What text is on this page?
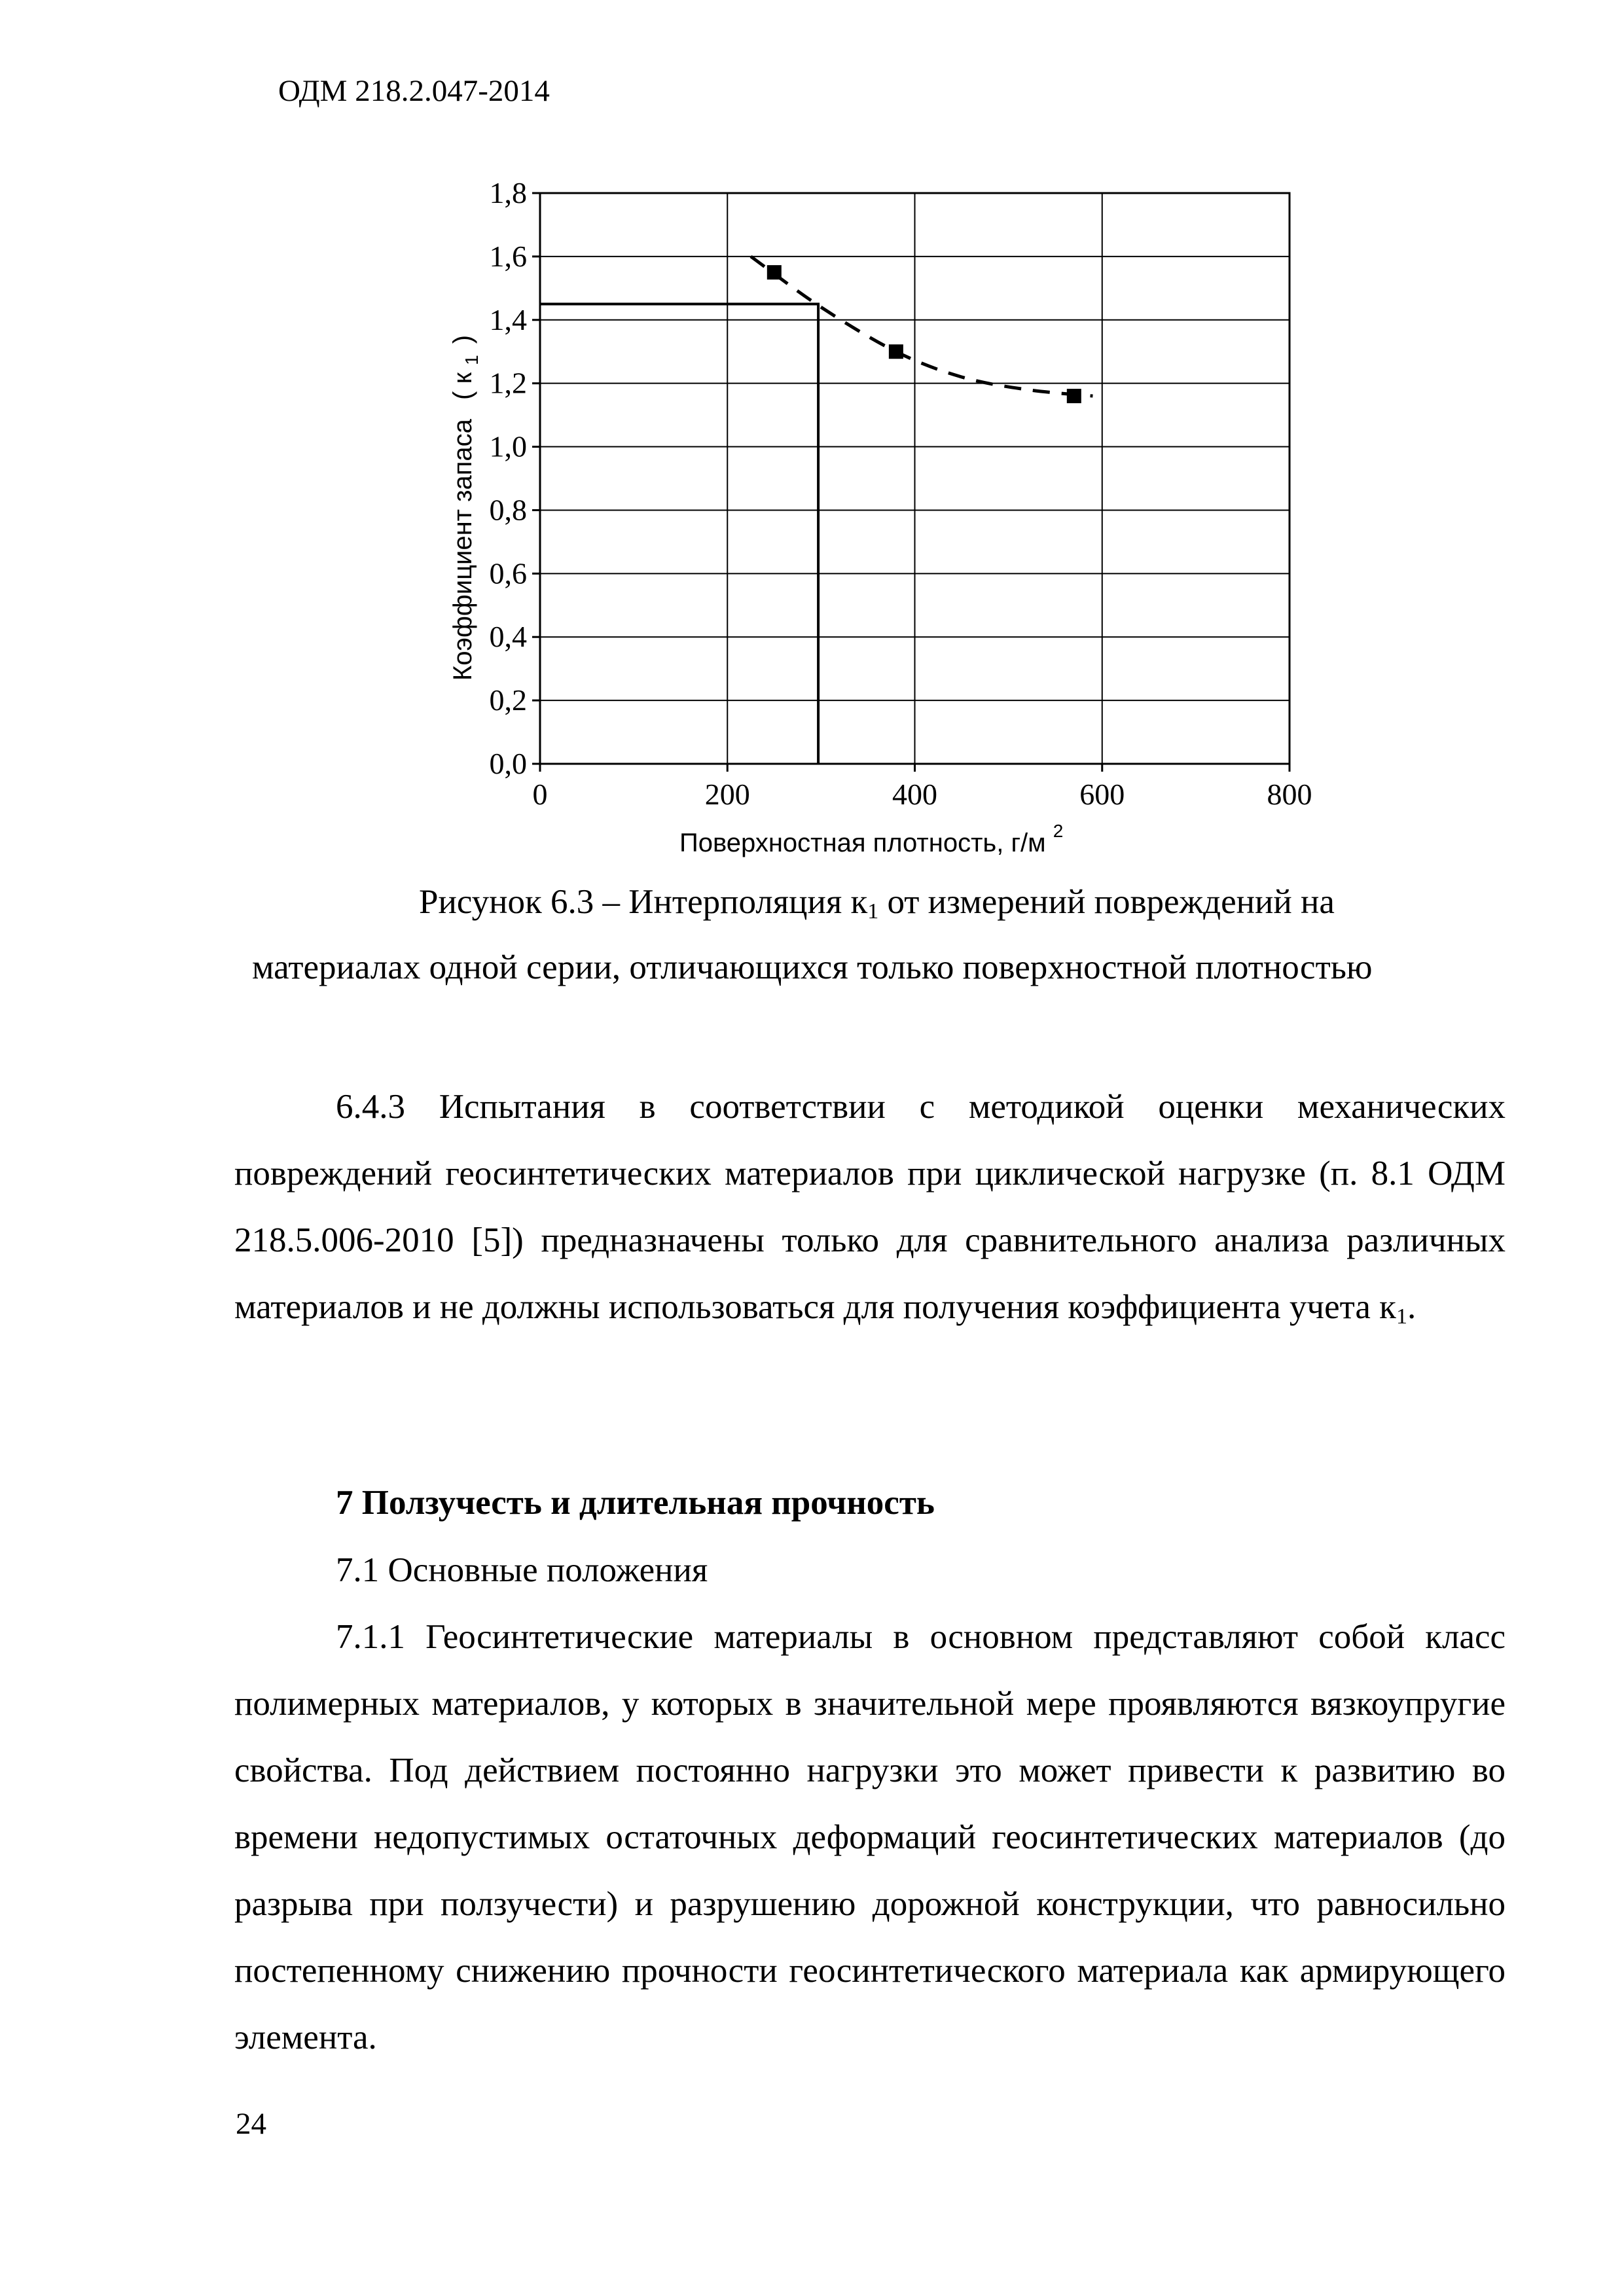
ОДМ 218.2.047-2014
0,0
0,2
0,4
0,6
0,8
1,0
1,2
1,4
1,6
1,8
0	200	400	600	800
Коэффициент запаса ( к $_1$ )
Поверхностная плотность, г/м $^2$
Рисунок 6.3 – Интерполяция $к_1$ от измерений повреждений на
материалах одной серии, отличающихся только поверхностной плотностью

6.4.3 Испытания в соответствии с методикой оценки механических повреждений геосинтетических материалов при циклической нагрузке (п. 8.1 ОДМ 218.5.006-2010 [5]) предназначены только для сравнительного анализа различных материалов и не должны использоваться для получения коэффициента учета $к_1$.

7 Ползучесть и длительная прочность
7.1 Основные положения

7.1.1 Геосинтетические материалы в основном представляют собой класс полимерных материалов, у которых в значительной мере проявляются вязкоупругие свойства. Под действием постоянно нагрузки это может привести к развитию во времени недопустимых остаточных деформаций геосинтетических материалов (до разрыва при ползучести) и разрушению дорожной конструкции, что равносильно постепенному снижению прочности геосинтетического материала как армирующего элемента.

24
